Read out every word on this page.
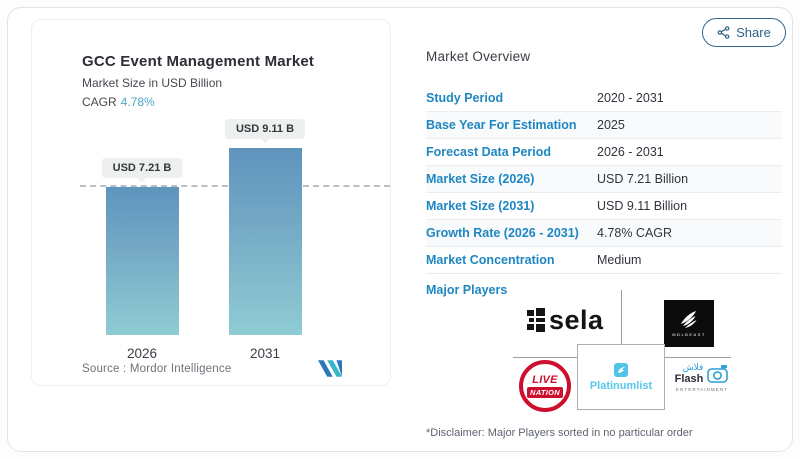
GCC Event Management Market
Market Size in USD Billion
CAGR 4.78%
USD 7.21 B
USD 9.11 B
2026	2031
Source : Mordor Intelligence
Share
Market Overview
Study Period	2020 - 2031
Base Year For Estimation	2025
Forecast Data Period	2026 - 2031
Market Size (2026)	USD 7.21 Billion
Market Size (2031)	USD 9.11 Billion
Growth Rate (2026 - 2031)	4.78% CAGR
Market Concentration	Medium
Major Players
sela	MDLBEAST
Platinumlist
LIVE
NATION
فلاش
Flash
ENTERTAINMENT
*Disclaimer: Major Players sorted in no particular order
